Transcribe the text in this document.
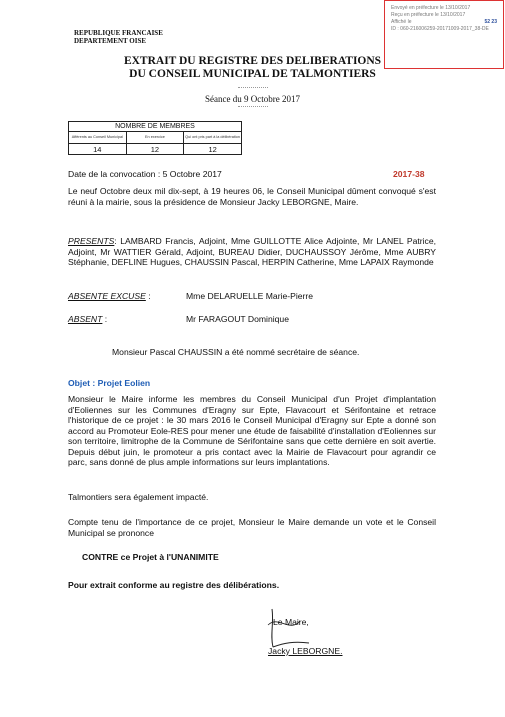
REPUBLIQUE FRANCAISE
DEPARTEMENT OISE
Envoyé en préfecture le 13/10/2017
Reçu en préfecture le 13/10/2017
Affiché le	52 23
ID : 060-216006259-20171009-2017_38-DE
EXTRAIT DU REGISTRE DES DELIBERATIONS
DU CONSEIL MUNICIPAL DE TALMONTIERS
Séance du 9 Octobre 2017
NOMBRE DE MEMBRES		
Afférents au Conseil Municipal	En exercice	Qui ont pris part à la délibération
14	12	12
Date de la convocation : 5 Octobre 2017	2017-38
Le neuf Octobre deux mil dix-sept, à 19 heures 06, le Conseil Municipal dûment convoqué s'est réuni à la mairie, sous la présidence de Monsieur Jacky LEBORGNE, Maire.
PRESENTS: LAMBARD Francis, Adjoint, Mme GUILLOTTE Alice Adjointe, Mr LANEL Patrice, Adjoint, Mr WATTIER Gérald, Adjoint, BUREAU Didier, DUCHAUSSOY Jérôme, Mme AUBRY Stéphanie, DEFLINE Hugues, CHAUSSIN Pascal, HERPIN Catherine, Mme LAPAIX Raymonde
ABSENTE EXCUSE :	Mme DELARUELLE Marie-Pierre
ABSENT :	Mr FARAGOUT Dominique
Monsieur Pascal CHAUSSIN a été nommé secrétaire de séance.
Objet : Projet Eolien
Monsieur le Maire informe les membres du Conseil Municipal d'un Projet d'implantation d'Eoliennes sur les Communes d'Eragny sur Epte, Flavacourt et Sérifontaine et retrace l'historique de ce projet : le 30 mars 2016 le Conseil Municipal d'Eragny sur Epte a donné son accord au Promoteur Eole-RES pour mener une étude de faisabilité d'installation d'Eoliennes sur son territoire, limitrophe de la Commune de Sérifontaine sans que cette dernière en soit avertie. Depuis début juin, le promoteur a pris contact avec la Mairie de Flavacourt pour agrandir ce parc, sans donné de plus ample informations sur leurs implantations.
Talmontiers sera également impacté.
Compte tenu de l'importance de ce projet, Monsieur le Maire demande un vote et le Conseil Municipal se prononce
CONTRE ce Projet à l'UNANIMITE
Pour extrait conforme au registre des délibérations.
Le Maire,
Jacky LEBORGNE.
